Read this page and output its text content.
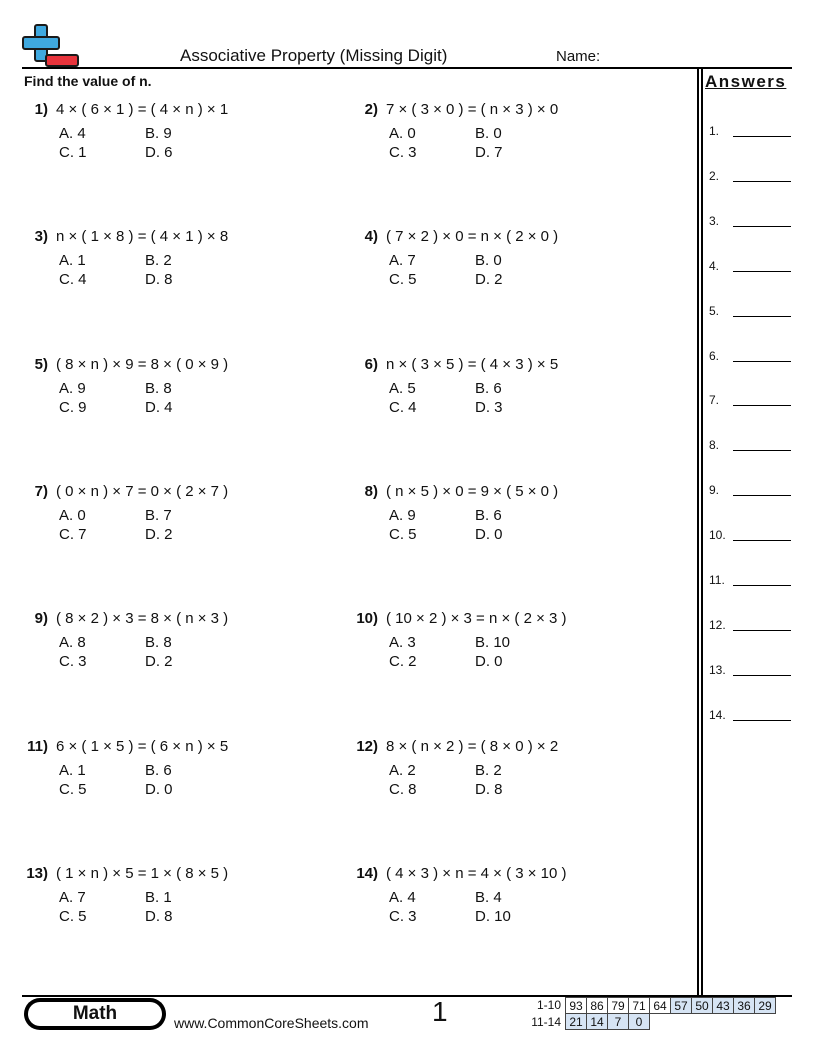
Associative Property (Missing Digit)	Name:
Find the value of n.	Answers
1.
2.
3.
4.
5.
6.
7.
8.
9.
10.
11.
12.
13.
14.
1) 4 × ( 6 × 1 ) = ( 4 × n ) × 1
A. 4	B. 9
C. 1	D. 6
2) 7 × ( 3 × 0 ) = ( n × 3 ) × 0
A. 0	B. 0
C. 3	D. 7
3) n × ( 1 × 8 ) = ( 4 × 1 ) × 8
A. 1	B. 2
C. 4	D. 8
4) ( 7 × 2 ) × 0 = n × ( 2 × 0 )
A. 7	B. 0
C. 5	D. 2
5) ( 8 × n ) × 9 = 8 × ( 0 × 9 )
A. 9	B. 8
C. 9	D. 4
6) n × ( 3 × 5 ) = ( 4 × 3 ) × 5
A. 5	B. 6
C. 4	D. 3
7) ( 0 × n ) × 7 = 0 × ( 2 × 7 )
A. 0	B. 7
C. 7	D. 2
8) ( n × 5 ) × 0 = 9 × ( 5 × 0 )
A. 9	B. 6
C. 5	D. 0
9) ( 8 × 2 ) × 3 = 8 × ( n × 3 )
A. 8	B. 8
C. 3	D. 2
10) ( 10 × 2 ) × 3 = n × ( 2 × 3 )
A. 3	B. 10
C. 2	D. 0
11) 6 × ( 1 × 5 ) = ( 6 × n ) × 5
A. 1	B. 6
C. 5	D. 0
12) 8 × ( n × 2 ) = ( 8 × 0 ) × 2
A. 2	B. 2
C. 8	D. 8
13) ( 1 × n ) × 5 = 1 × ( 8 × 5 )
A. 7	B. 1
C. 5	D. 8
14) ( 4 × 3 ) × n = 4 × ( 3 × 10 )
A. 4	B. 4
C. 3	D. 10
Math	www.CommonCoreSheets.com 1	1-10
11-14
93	86	79	71	64	57	50	43	36	29
21	14	7	0						
